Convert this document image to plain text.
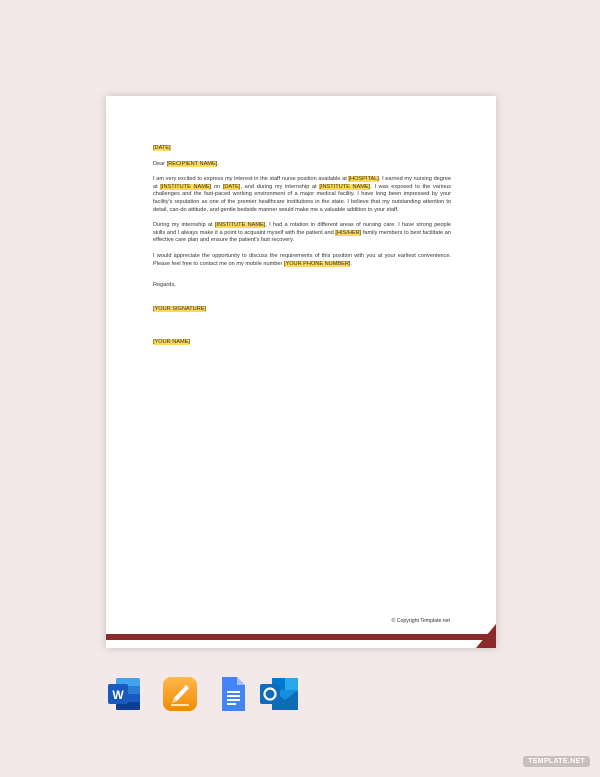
[DATE]

Dear [RECIPIENT NAME],

I am very excited to express my interest in the staff nurse position available at [HOSPITAL]. I earned my nursing degree at [INSTITUTE NAME] on [DATE], and during my internship at [INSTITUTE NAME]. I was exposed to the various challenges and the fast-paced working environment of a major medical facility. I have long been impressed by your facility's reputation as one of the premier healthcare institutions in the state. I believe that my outstanding attention to detail, can-do attitude, and gentle bedside manner would make me a valuable addition to your staff.

During my internship at [INSTITUTE NAME], I had a rotation in different areas of nursing care. I have strong people skills and I always make it a point to acquaint myself with the patient and [HIS/HER] family members to best facilitate an effective care plan and ensure the patient's fast recovery.

I would appreciate the opportunity to discuss the requirements of this position with you at your earliest convenience. Please feel free to contact me on my mobile number [YOUR PHONE NUMBER].

Regards,

[YOUR SIGNATURE]

[YOUR NAME]

© Copyright Template.net
W
TEMPLATE.NET
